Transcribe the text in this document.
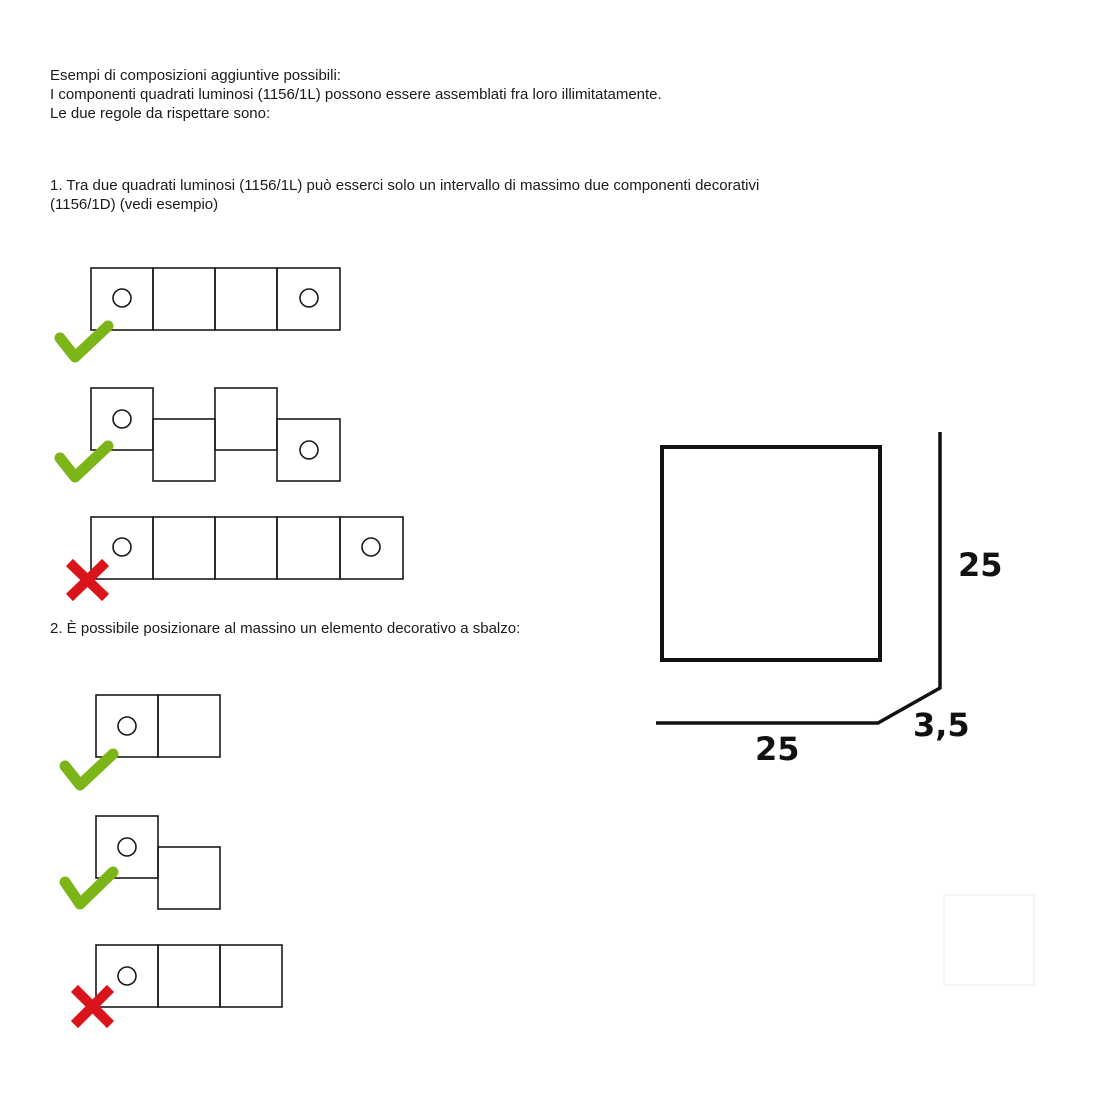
Esempi di composizioni aggiuntive possibili:
I componenti quadrati luminosi (1156/1L) possono essere assemblati fra loro illimitatamente.
Le due regole da rispettare sono:
1. Tra due quadrati luminosi (1156/1L) può esserci solo un intervallo di massimo due componenti decorativi
(1156/1D) (vedi esempio)
2. È possibile posizionare al massino un elemento decorativo a sbalzo:
25
25
3,5
